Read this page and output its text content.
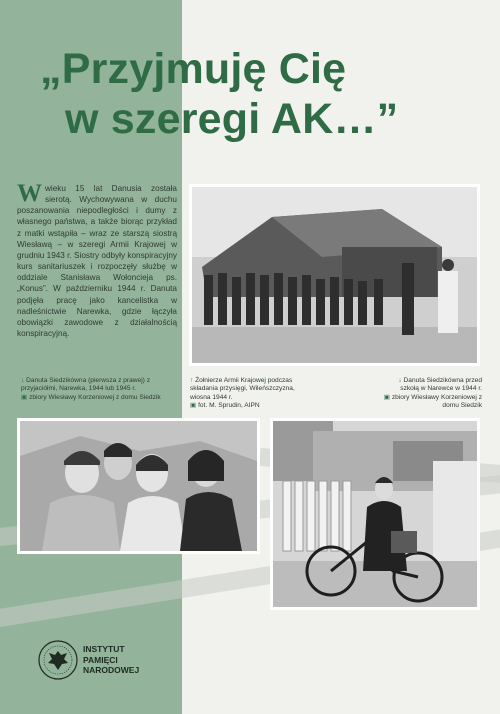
„Przyjmuję Cię
w szeregi AK…”
Wwieku 15 lat Danusia została sierotą. Wychowywana w duchu poszanowania niepodległości i dumy z własnego państwa, a także biorąc przykład z matki wstąpiła – wraz ze starszą siostrą Wiesławą – w szeregi Armii Krajowej w grudniu 1943 r. Siostry odbyły konspiracyjny kurs sanitariuszek i rozpoczęły służbę w oddziale Stanisława Wołoncieja ps. „Konus”. W październiku 1944 r. Danuta podjęła pracę jako kancelistka w nadleśnictwie Narewka, gdzie łączyła obowiązki zawodowe z działalnością konspiracyjną.
↓ Danuta Siedzikówna (pierwsza z prawej) z przyjaciółmi, Narewka, 1944 lub 1945 r.
▣ zbiory Wiesławy Korzeniowej z domu Siedzik
↑ Żołnierze Armii Krajowej podczas składania przysięgi, Wileńszczyzna, wiosna 1944 r.
▣ fot. M. Sprudin, AIPN
↓ Danuta Siedzikówna przed szkołą w Narewce w 1944 r.
▣ zbiory Wiesławy Korzeniowej z domu Siedzik
INSTYTUT
PAMIĘCI
NARODOWEJ
